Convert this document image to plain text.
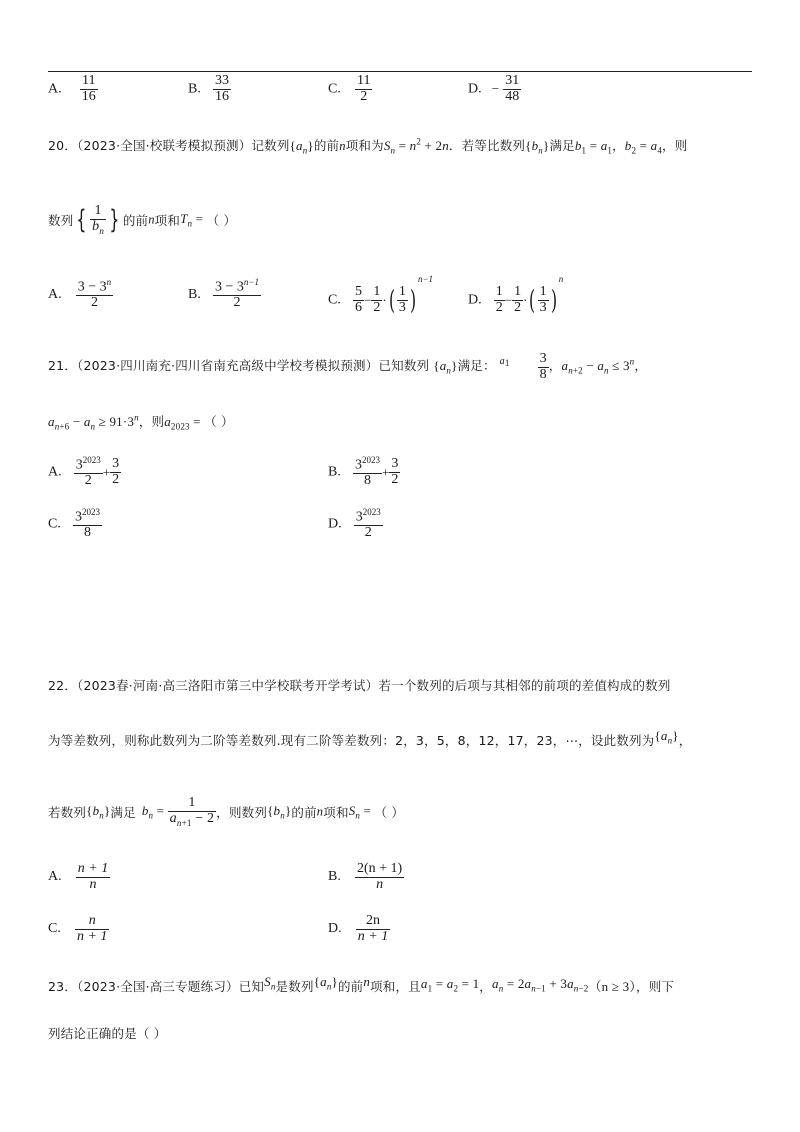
A. $\frac{11}{16}$	B. $\frac{33}{16}$	C. $\frac{11}{2}$	D. − $\frac{31}{48}$
20．（2023·全国·校联考模拟预测）记数列$\{a_n\}$的前n项和为$S_n = n^2 + 2n$．若等比数列$\{b_n\}$满足$b_1 = a_1$，$b_2 = a_4$，则
数列 { $\frac{1}{b_n}$ } 的前n项和$T_n$ = （ ）
A. $\frac{3 - 3^n}{2}$	B. $\frac{3 - 3^{n-1}}{2}$	C. $\frac{5}{6} - \frac{1}{2}$ ·( $\frac{1}{3} )^{n-1}$
D. $\frac{1}{2} - \frac{1}{2}$ ·( $\frac{1}{3} )^n$
21．（2023·四川南充·四川省南充高级中学校考模拟预测）已知数列 $\{a_n\}$满足： $^a_1 \frac{3}{8}$ ，$a_{n+2} - a_n \le 3^n$，
$a_{n+6} - a_n \ge 91\cdot 3^n$，则$a_{2023}$ = （ ）
A. $\frac{3^{2023}}{2} + \frac{3}{2}$	B. $\frac{3^{2023}}{8} + \frac{3}{2}$
C. $\frac{3^{2023}}{8}$	D. $\frac{3^{2023}}{2}$
22．（2023春·河南·高三洛阳市第三中学校联考开学考试）若一个数列的后项与其相邻的前项的差值构成的数列
为等差数列，则称此数列为二阶等差数列.现有二阶等差数列：2，3，5，8，12，17，23，⋯，设此数列为$\{a_n\}$，
若数列$\{b_n\}$满足 $b_n = \frac{1}{a_{n+1} - 2}$ ，则数列$\{b_n\}$的前n项和$S_n$ = （ ）
A. $\frac{n + 1}{n}$	B. $\frac{2(n + 1)}{n}$
C. $\frac{n}{n + 1}$	D. $\frac{2n}{n + 1}$
23．（2023·全国·高三专题练习）已知$S_n$是数列$\{a_n\}$的前n项和，且$a_1 = a_2 = 1$，$a_n = 2a_{n-1} + 3a_{n-2}(n \ge 3)$，则下
列结论正确的是（ ）
